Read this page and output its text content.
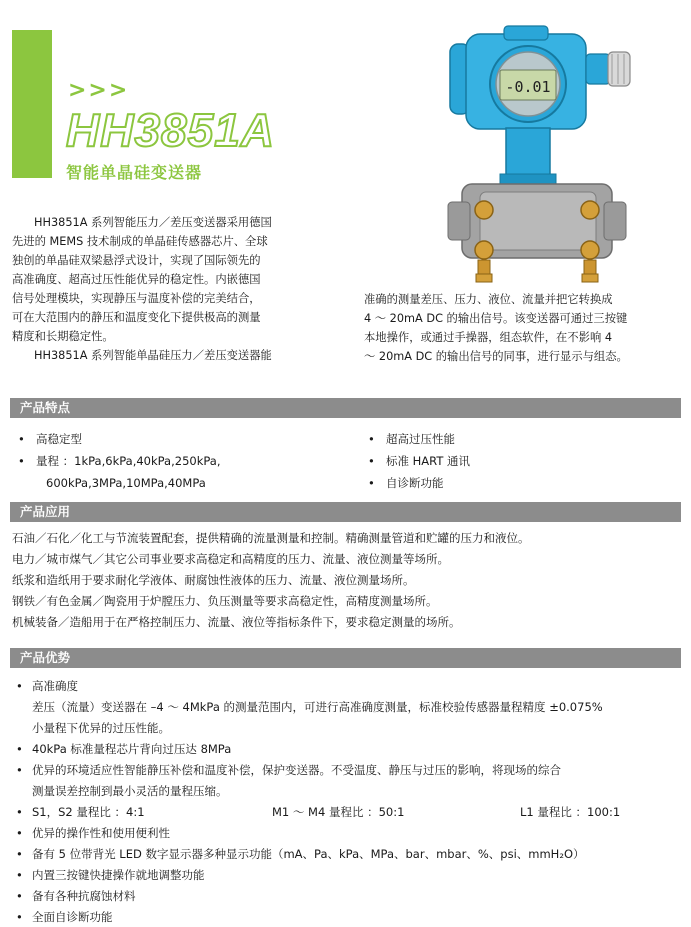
>>>
HH3851A
智能单晶硅变送器
-0.01

HH3851A 系列智能压力／差压变送器采用德国

先进的 MEMS 技术制成的单晶硅传感器芯片、全球

独创的单晶硅双梁悬浮式设计，实现了国际领先的

高准确度、超高过压性能优异的稳定性。内嵌德国

信号处理模块，实现静压与温度补偿的完美结合，

可在大范围内的静压和温度变化下提供极高的测量

精度和长期稳定性。

HH3851A 系列智能单晶硅压力／差压变送器能

准确的测量差压、压力、液位、流量并把它转换成

4 ～ 20mA DC 的输出信号。该变送器可通过三按键

本地操作，或通过手操器，组态软件，在不影响 4

～ 20mA DC 的输出信号的同事，进行显示与组态。

产品特点
• 高稳定型
• 量程 ：1kPa,6kPa,40kPa,250kPa,
600kPa,3MPa,10MPa,40MPa
• 超高过压性能
• 标准 HART 通讯
• 自诊断功能
产品应用

石油／石化／化工与节流装置配套，提供精确的流量测量和控制。精确测量管道和贮罐的压力和液位。

电力／城市煤气／其它公司事业要求高稳定和高精度的压力、流量、液位测量等场所。

纸浆和造纸用于要求耐化学液体、耐腐蚀性液体的压力、流量、液位测量场所。

钢铁／有色金属／陶瓷用于炉膛压力、负压测量等要求高稳定性，高精度测量场所。

机械装备／造船用于在严格控制压力、流量、液位等指标条件下，要求稳定测量的场所。

产品优势
• 高准确度
差压（流量）变送器在 –4 ～ 4MkPa 的测量范围内，可进行高准确度测量，标准校验传感器量程精度 ±0.075%
小量程下优异的过压性能。
• 40kPa 标准量程芯片背向过压达 8MPa
• 优异的环境适应性智能静压补偿和温度补偿，保护变送器。不受温度、静压与过压的影响，将现场的综合
测量误差控制到最小灵活的量程压缩。
• S1，S2 量程比 ：4:1	M1 ～ M4 量程比 ：50:1	L1 量程比 ：100:1
• 优异的操作性和使用便利性
• 备有 5 位带背光 LED 数字显示器多种显示功能（mA、Pa、kPa、MPa、bar、mbar、%、psi、mmH₂O）
• 内置三按键快捷操作就地调整功能
• 备有各种抗腐蚀材料
• 全面自诊断功能
